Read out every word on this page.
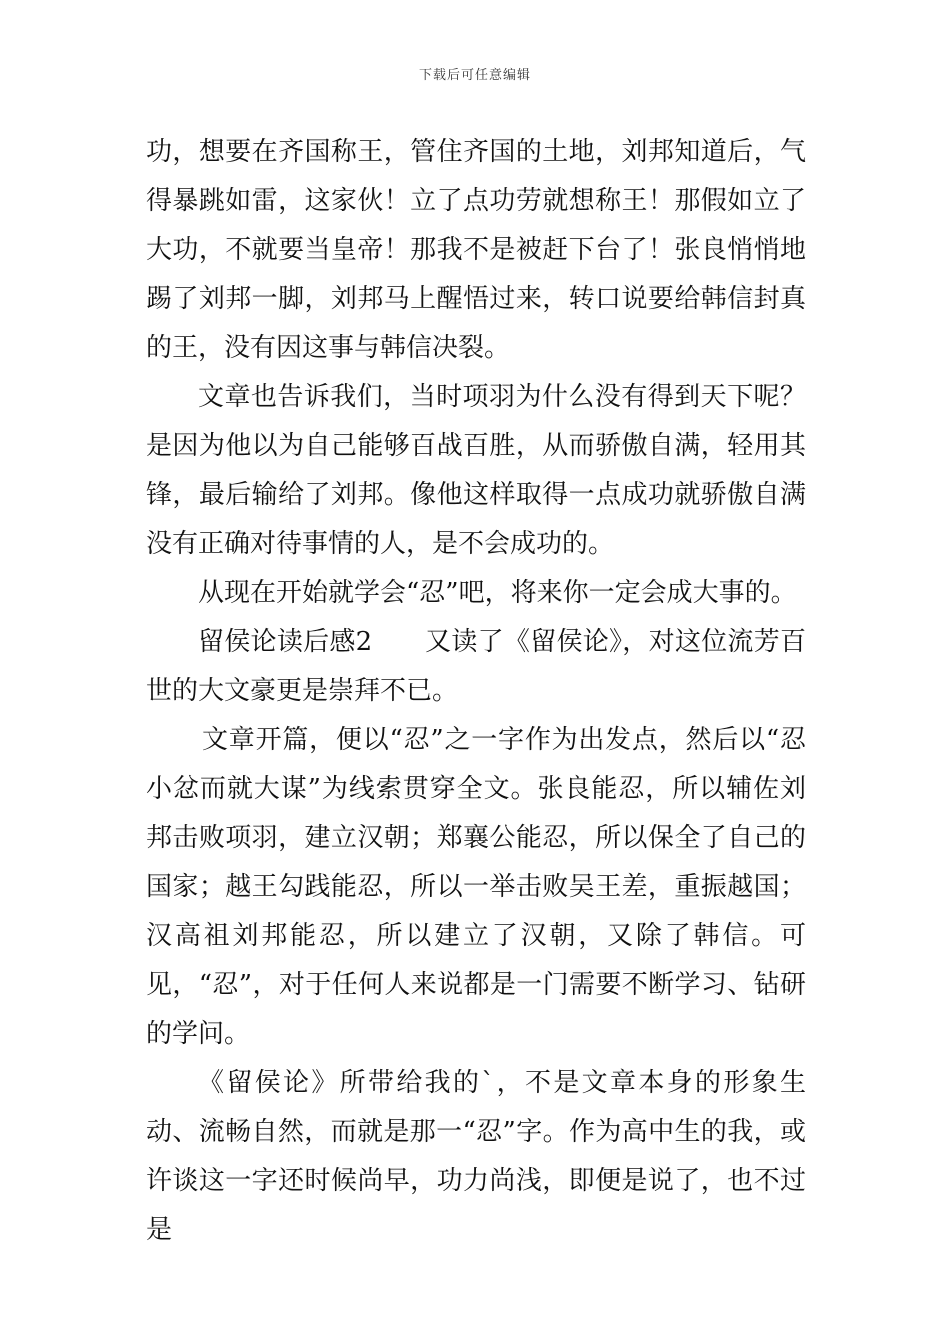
下载后可任意编辑

功，想要在齐国称王，管住齐国的土地，刘邦知道后，气得暴跳如雷，这家伙！立了点功劳就想称王！那假如立了大功，不就要当皇帝！那我不是被赶下台了！张良悄悄地踢了刘邦一脚，刘邦马上醒悟过来，转口说要给韩信封真的王，没有因这事与韩信决裂。

文章也告诉我们，当时项羽为什么没有得到天下呢？是因为他以为自己能够百战百胜，从而骄傲自满，轻用其锋，最后输给了刘邦。像他这样取得一点成功就骄傲自满没有正确对待事情的人，是不会成功的。

从现在开始就学会“忍”吧，将来你一定会成大事的。

留侯论读后感2　　又读了《留侯论》，对这位流芳百世的大文豪更是崇拜不已。

文章开篇，便以“忍”之一字作为出发点，然后以“忍小忿而就大谋”为线索贯穿全文。张良能忍，所以辅佐刘邦击败项羽，建立汉朝；郑襄公能忍，所以保全了自己的国家；越王勾践能忍，所以一举击败吴王差，重振越国；汉高祖刘邦能忍，所以建立了汉朝，又除了韩信。可见，“忍”，对于任何人来说都是一门需要不断学习、钻研的学问。

《留侯论》所带给我的`，不是文章本身的形象生动、流畅自然，而就是那一“忍”字。作为高中生的我，或许谈这一字还时候尚早，功力尚浅，即便是说了，也不过是
